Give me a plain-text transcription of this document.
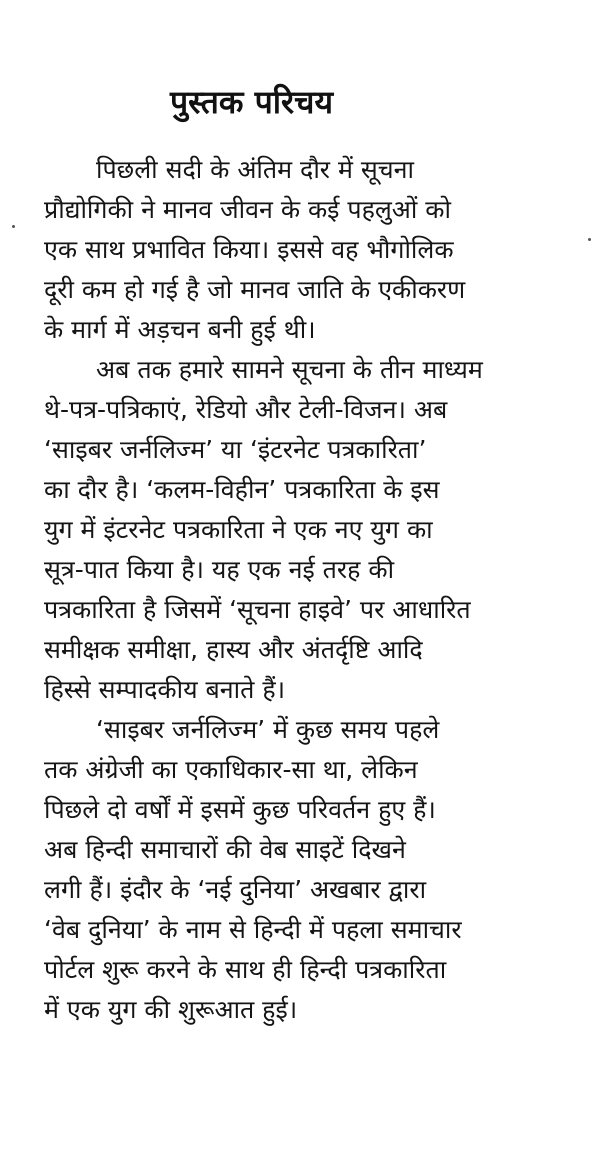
पुस्तक परिचय
पिछली सदी के अंतिम दौर में सूचना
प्रौद्योगिकी ने मानव जीवन के कई पहलुओं को
एक साथ प्रभावित किया। इससे वह भौगोलिक
दूरी कम हो गई है जो मानव जाति के एकीकरण
के मार्ग में अड़चन बनी हुई थी।
अब तक हमारे सामने सूचना के तीन माध्यम
थे-पत्र-पत्रिकाएं, रेडियो और टेली-विजन। अब
‘साइबर जर्नलिज्म’ या ‘इंटरनेट पत्रकारिता’
का दौर है। ‘कलम-विहीन’ पत्रकारिता के इस
युग में इंटरनेट पत्रकारिता ने एक नए युग का
सूत्र-पात किया है। यह एक नई तरह की
पत्रकारिता है जिसमें ‘सूचना हाइवे’ पर आधारित
समीक्षक समीक्षा, हास्य और अंतर्दृष्टि आदि
हिस्से सम्पादकीय बनाते हैं।
‘साइबर जर्नलिज्म’ में कुछ समय पहले
तक अंग्रेजी का एकाधिकार-सा था, लेकिन
पिछले दो वर्षों में इसमें कुछ परिवर्तन हुए हैं।
अब हिन्दी समाचारों की वेब साइटें दिखने
लगी हैं। इंदौर के ‘नई दुनिया’ अखबार द्वारा
‘वेब दुनिया’ के नाम से हिन्दी में पहला समाचार
पोर्टल शुरू करने के साथ ही हिन्दी पत्रकारिता
में एक युग की शुरूआत हुई।
